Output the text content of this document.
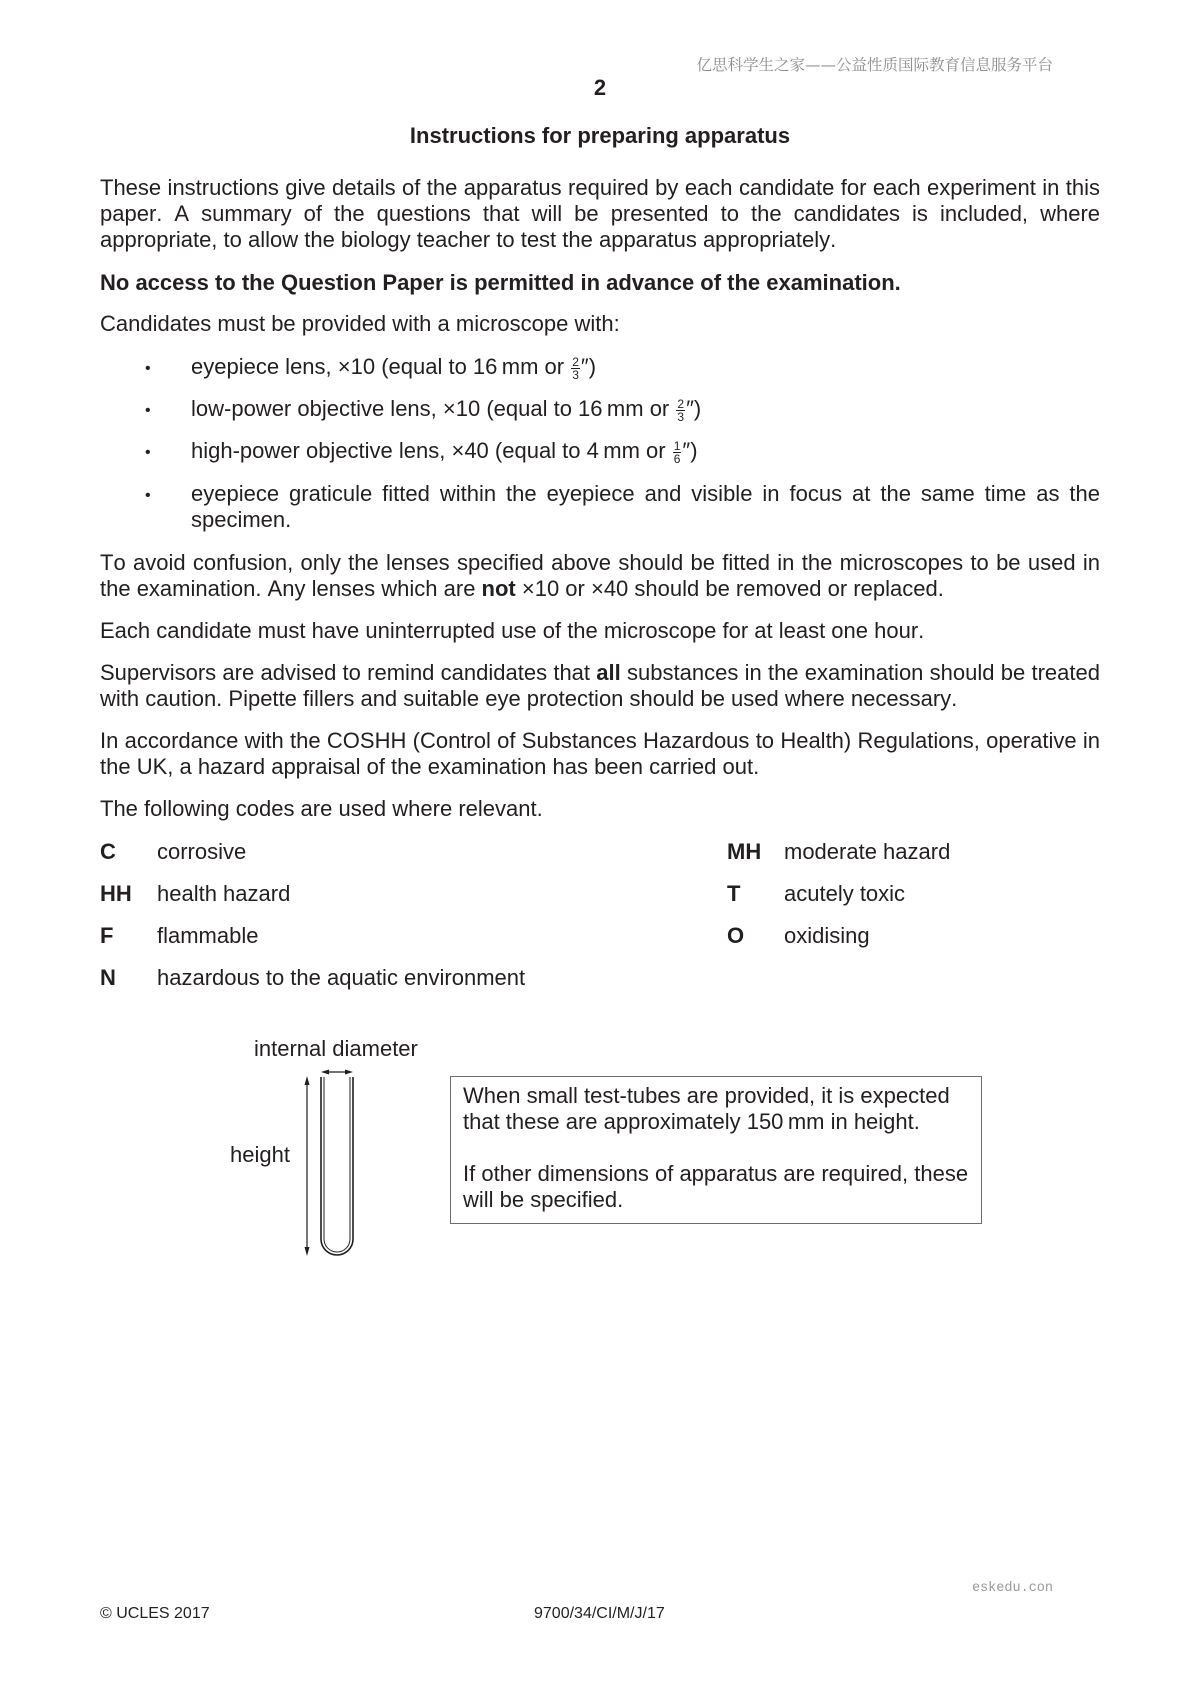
亿思科学生之家——公益性质国际教育信息服务平台
2
Instructions for preparing apparatus

These instructions give details of the apparatus required by each candidate for each experiment in this paper. A summary of the questions that will be presented to the candidates is included, where appropriate, to allow the biology teacher to test the apparatus appropriately.

No access to the Question Paper is permitted in advance of the examination.

Candidates must be provided with a microscope with:

• eyepiece lens, ×10 (equal to 16 mm or $\frac{2}{3}$ ″)
• low-power objective lens, ×10 (equal to 16 mm or $\frac{2}{3}$ ″)
• high-power objective lens, ×40 (equal to 4 mm or $\frac{1}{6}$ ″)
• eyepiece graticule fitted within the eyepiece and visible in focus at the same time as the specimen.

To avoid confusion, only the lenses specified above should be fitted in the microscopes to be used in the examination. Any lenses which are not ×10 or ×40 should be removed or replaced.

Each candidate must have uninterrupted use of the microscope for at least one hour.

Supervisors are advised to remind candidates that all substances in the examination should be treated with caution. Pipette fillers and suitable eye protection should be used where necessary.

In accordance with the COSHH (Control of Substances Hazardous to Health) Regulations, operative in the UK, a hazard appraisal of the examination has been carried out.

The following codes are used where relevant.

C corrosive
HH health hazard
F flammable
N hazardous to the aquatic environment
MH moderate hazard
T acutely toxic
O oxidising
internal diameter
height

When small test-tubes are provided, it is expected that these are approximately 150 mm in height.

If other dimensions of apparatus are required, these will be specified.

eskedu.con
© UCLES 2017	9700/34/CI/M/J/17
